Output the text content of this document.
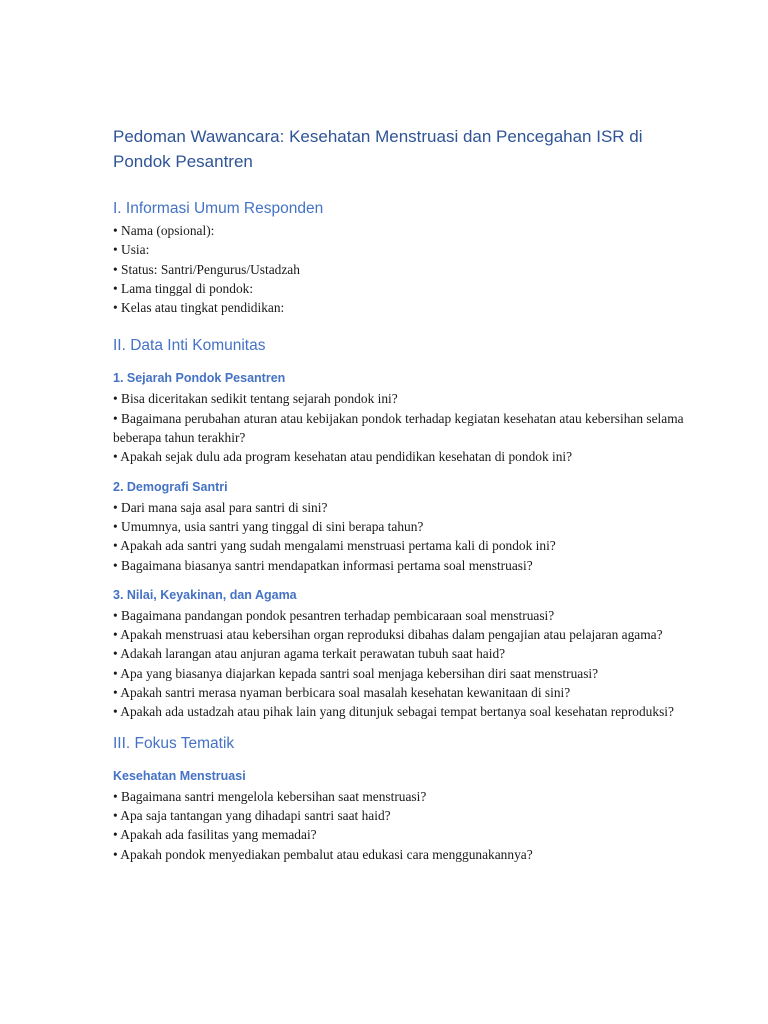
Pedoman Wawancara: Kesehatan Menstruasi dan Pencegahan ISR di Pondok Pesantren
I. Informasi Umum Responden
• Nama (opsional):
• Usia:
• Status: Santri/Pengurus/Ustadzah
• Lama tinggal di pondok:
• Kelas atau tingkat pendidikan:
II. Data Inti Komunitas
1. Sejarah Pondok Pesantren
• Bisa diceritakan sedikit tentang sejarah pondok ini?
• Bagaimana perubahan aturan atau kebijakan pondok terhadap kegiatan kesehatan atau kebersihan selama beberapa tahun terakhir?
• Apakah sejak dulu ada program kesehatan atau pendidikan kesehatan di pondok ini?
2. Demografi Santri
• Dari mana saja asal para santri di sini?
• Umumnya, usia santri yang tinggal di sini berapa tahun?
• Apakah ada santri yang sudah mengalami menstruasi pertama kali di pondok ini?
• Bagaimana biasanya santri mendapatkan informasi pertama soal menstruasi?
3. Nilai, Keyakinan, dan Agama
• Bagaimana pandangan pondok pesantren terhadap pembicaraan soal menstruasi?
• Apakah menstruasi atau kebersihan organ reproduksi dibahas dalam pengajian atau pelajaran agama?
• Adakah larangan atau anjuran agama terkait perawatan tubuh saat haid?
• Apa yang biasanya diajarkan kepada santri soal menjaga kebersihan diri saat menstruasi?
• Apakah santri merasa nyaman berbicara soal masalah kesehatan kewanitaan di sini?
• Apakah ada ustadzah atau pihak lain yang ditunjuk sebagai tempat bertanya soal kesehatan reproduksi?
III. Fokus Tematik
Kesehatan Menstruasi
• Bagaimana santri mengelola kebersihan saat menstruasi?
• Apa saja tantangan yang dihadapi santri saat haid?
• Apakah ada fasilitas yang memadai?
• Apakah pondok menyediakan pembalut atau edukasi cara menggunakannya?
